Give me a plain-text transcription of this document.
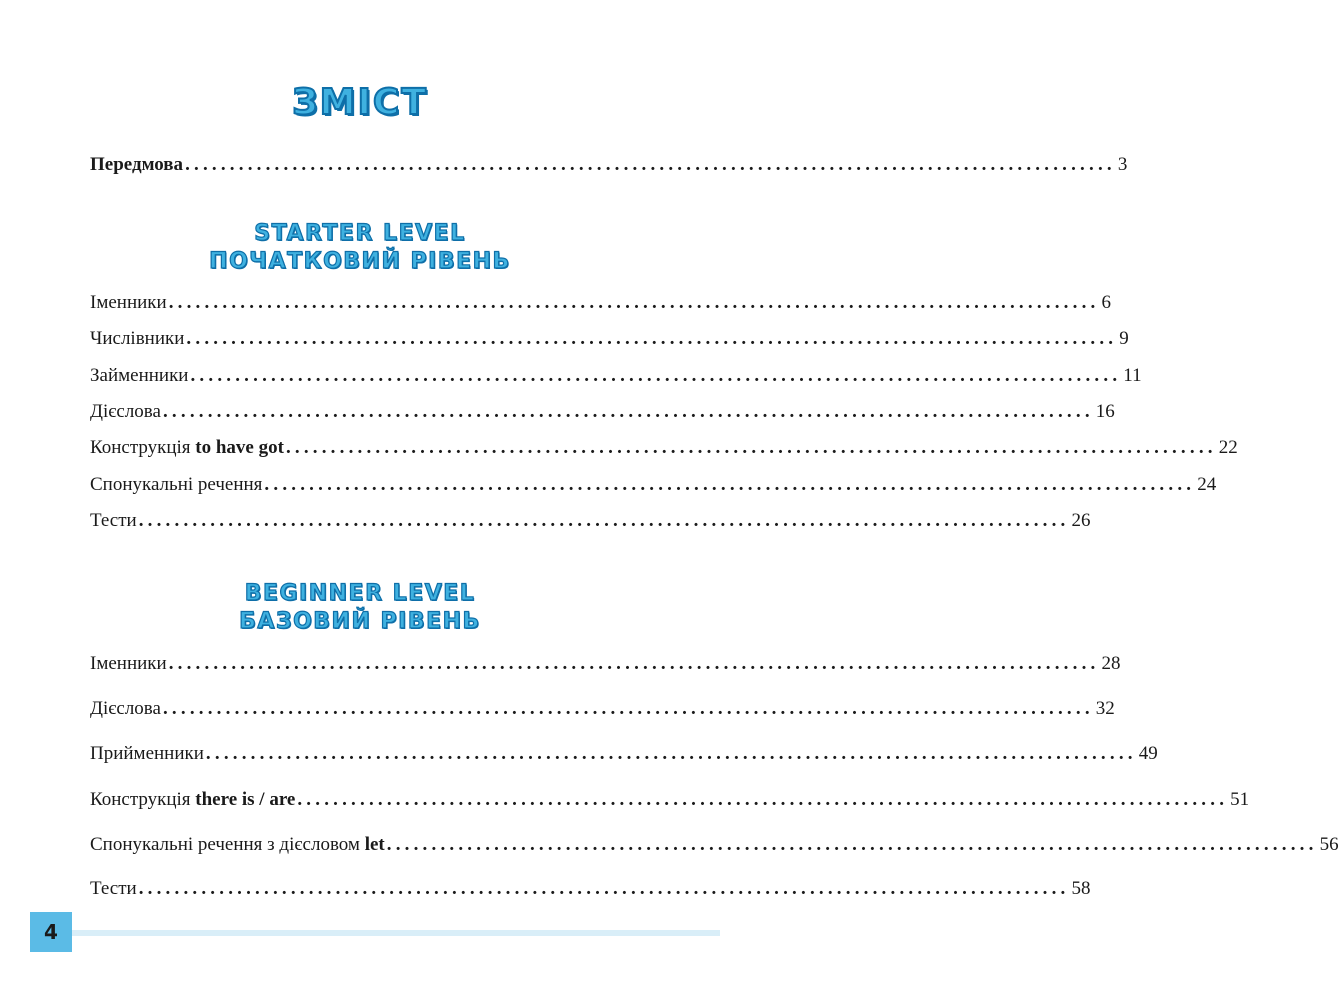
ЗМІСТ
Передмова ........................................................................................................ 3
STARTER LEVEL
ПОЧАТКОВИЙ РІВЕНЬ
Іменники ........................................................................................................ 6
Числівники ........................................................................................................ 9
Займенники ........................................................................................................ 11
Дієслова ........................................................................................................ 16
Конструкція to have got ........................................................................................................ 22
Спонукальні речення ........................................................................................................ 24
Тести ........................................................................................................ 26
BEGINNER LEVEL
БАЗОВИЙ РІВЕНЬ
Іменники ........................................................................................................ 28
Дієслова ........................................................................................................ 32
Прийменники ........................................................................................................ 49
Конструкція there is / are ........................................................................................................ 51
Спонукальні речення з дієсловом let ........................................................................................................ 56
Тести ........................................................................................................ 58
4
